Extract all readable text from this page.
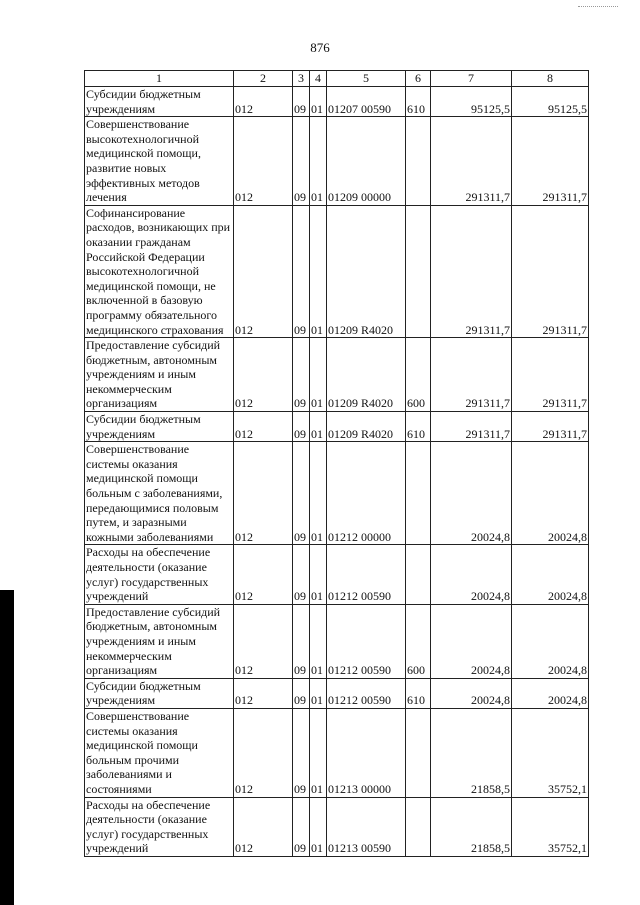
876
1	2	3	4	5	6	7	8
Субсидии бюджетным учреждениям	012	09	01	01207 00590	610	95125,5	95125,5
Совершенствование высокотехнологичной медицинской помощи, развитие новых эффективных методов лечения	012	09	01	01209 00000		291311,7	291311,7
Софинансирование расходов, возникающих при оказании гражданам Российской Федерации высокотехнологичной медицинской помощи, не включенной в базовую программу обязательного медицинского страхования	012	09	01	01209 R4020		291311,7	291311,7
Предоставление субсидий бюджетным, автономным учреждениям и иным некоммерческим организациям	012	09	01	01209 R4020	600	291311,7	291311,7
Субсидии бюджетным учреждениям	012	09	01	01209 R4020	610	291311,7	291311,7
Совершенствование системы оказания медицинской помощи больным с заболеваниями, передающимися половым путем, и заразными кожными заболеваниями	012	09	01	01212 00000		20024,8	20024,8
Расходы на обеспечение деятельности (оказание услуг) государственных учреждений	012	09	01	01212 00590		20024,8	20024,8
Предоставление субсидий бюджетным, автономным учреждениям и иным некоммерческим организациям	012	09	01	01212 00590	600	20024,8	20024,8
Субсидии бюджетным учреждениям	012	09	01	01212 00590	610	20024,8	20024,8
Совершенствование системы оказания медицинской помощи больным прочими заболеваниями и состояниями	012	09	01	01213 00000		21858,5	35752,1
Расходы на обеспечение деятельности (оказание услуг) государственных учреждений	012	09	01	01213 00590		21858,5	35752,1
